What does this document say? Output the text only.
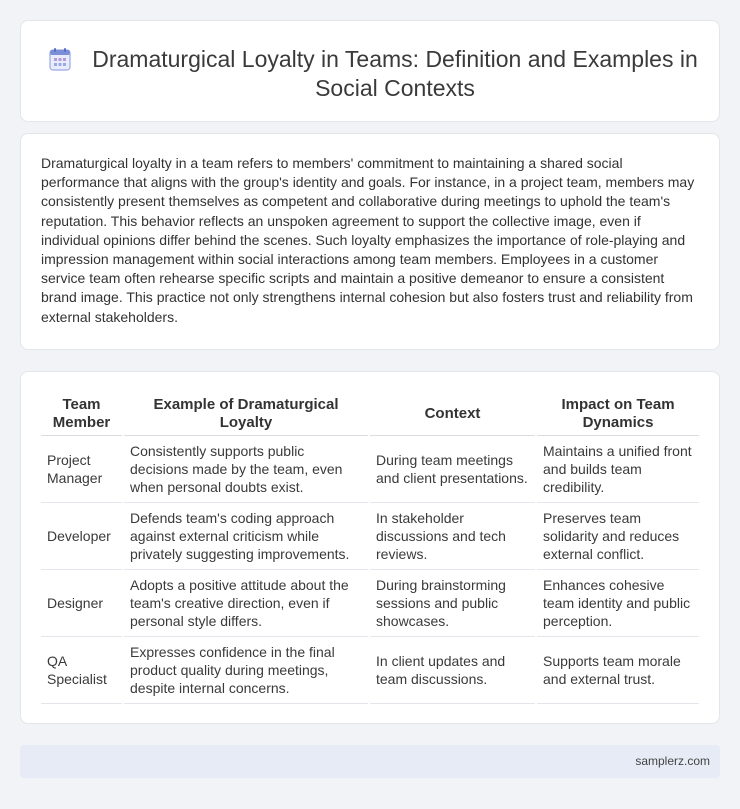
Dramaturgical Loyalty in Teams: Definition and Examples in Social Contexts

Dramaturgical loyalty in a team refers to members' commitment to maintaining a shared social performance that aligns with the group's identity and goals. For instance, in a project team, members may consistently present themselves as competent and collaborative during meetings to uphold the team's reputation. This behavior reflects an unspoken agreement to support the collective image, even if individual opinions differ behind the scenes. Such loyalty emphasizes the importance of role-playing and impression management within social interactions among team members. Employees in a customer service team often rehearse specific scripts and maintain a positive demeanor to ensure a consistent brand image. This practice not only strengthens internal cohesion but also fosters trust and reliability from external stakeholders.

Team Member	Example of Dramaturgical Loyalty	Context	Impact on Team Dynamics
Project Manager	Consistently supports public decisions made by the team, even when personal doubts exist.	During team meetings and client presentations.	Maintains a unified front and builds team credibility.
Developer	Defends team's coding approach against external criticism while privately suggesting improvements.	In stakeholder discussions and tech reviews.	Preserves team solidarity and reduces external conflict.
Designer	Adopts a positive attitude about the team's creative direction, even if personal style differs.	During brainstorming sessions and public showcases.	Enhances cohesive team identity and public perception.
QA Specialist	Expresses confidence in the final product quality during meetings, despite internal concerns.	In client updates and team discussions.	Supports team morale and external trust.
samplerz.com
